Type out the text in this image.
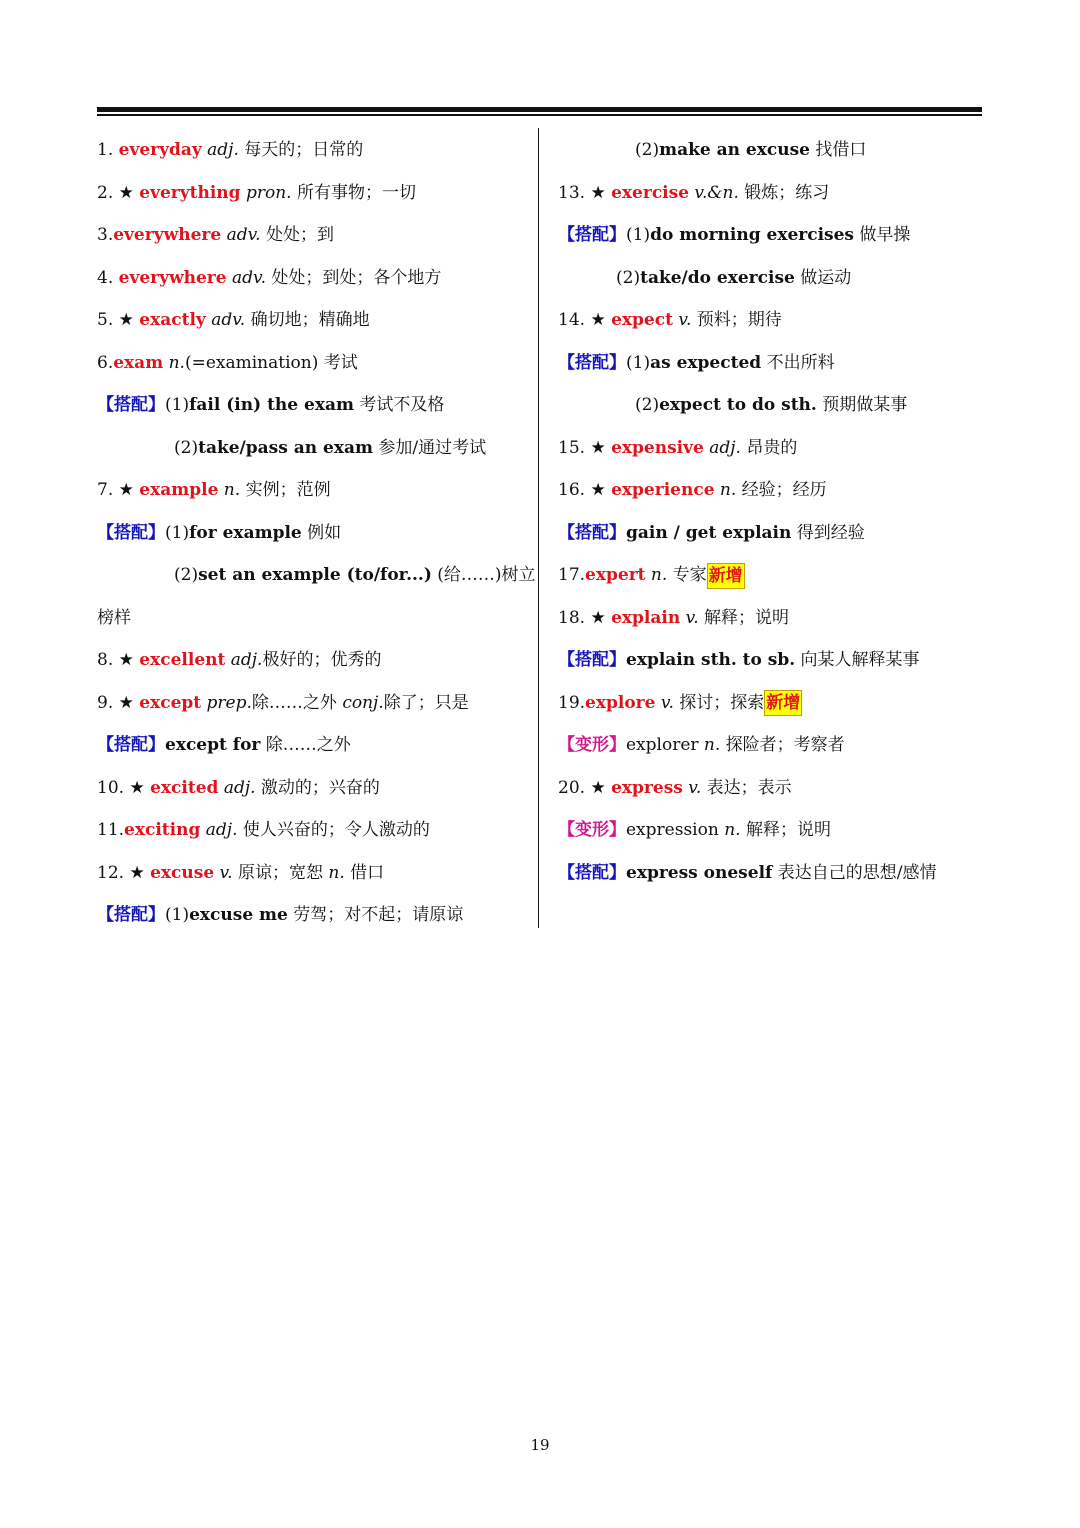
1. everyday adj. 每天的；日常的
2. ★ everything pron. 所有事物；一切
3.everywhere adv. 处处；到
4. everywhere adv. 处处；到处；各个地方
5. ★ exactly adv. 确切地；精确地
6.exam n.(=examination) 考试
【搭配】(1)fail (in) the exam 考试不及格
(2)take/pass an exam 参加/通过考试
7. ★ example n. 实例；范例
【搭配】(1)for example 例如
(2)set an example (to/for...) (给……)树立
榜样
8. ★ excellent adj.极好的；优秀的
9. ★ except prep.除……之外 conj.除了；只是
【搭配】except for 除……之外
10. ★ excited adj. 激动的；兴奋的
11.exciting adj. 使人兴奋的；令人激动的
12. ★ excuse v. 原谅；宽恕 n. 借口
【搭配】(1)excuse me 劳驾；对不起；请原谅
(2)make an excuse 找借口
13. ★ exercise v.&n. 锻炼；练习
【搭配】(1)do morning exercises 做早操
(2)take/do exercise 做运动
14. ★ expect v. 预料；期待
【搭配】(1)as expected 不出所料
(2)expect to do sth. 预期做某事
15. ★ expensive adj. 昂贵的
16. ★ experience n. 经验；经历
【搭配】gain / get explain 得到经验
17.expert n. 专家 新增
18. ★ explain v. 解释；说明
【搭配】explain sth. to sb. 向某人解释某事
19.explore v. 探讨；探索 新增
【变形】explorer n. 探险者；考察者
20. ★ express v. 表达；表示
【变形】expression n. 解释；说明
【搭配】express oneself 表达自己的思想/感情
19
